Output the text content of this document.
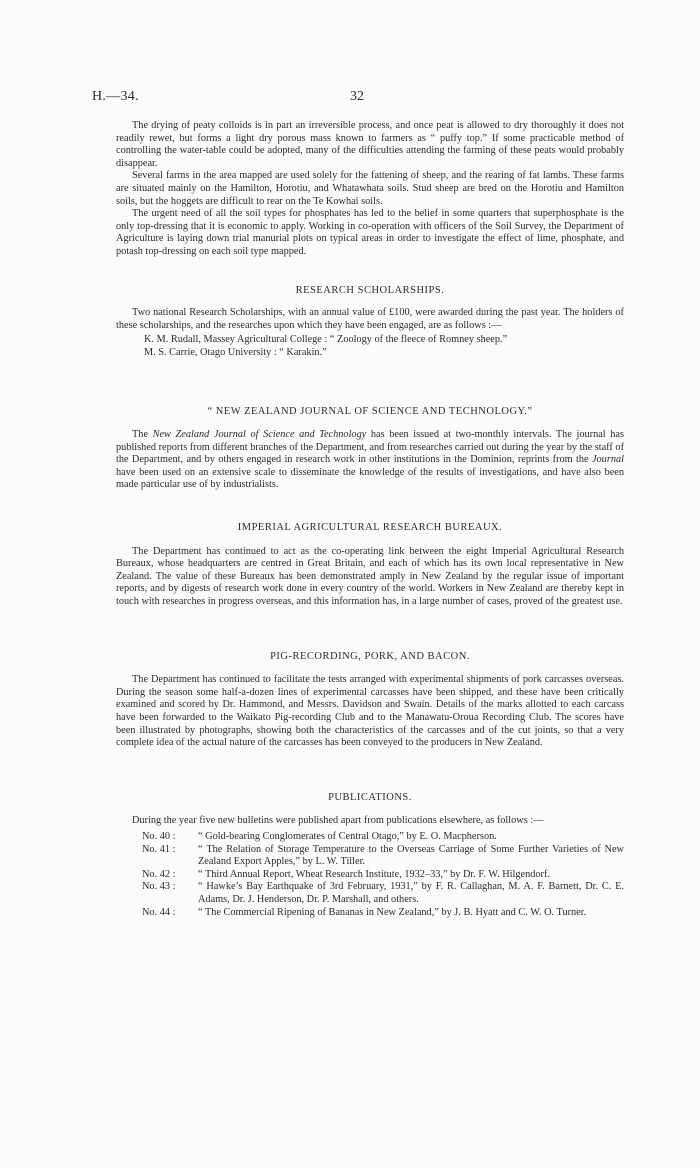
H.—34.	32

The drying of peaty colloids is in part an irreversible process, and once peat is allowed to dry thoroughly it does not readily rewet, but forms a light dry porous mass known to farmers as “ puffy top.” If some practicable method of controlling the water-table could be adopted, many of the difficulties attending the farming of these peats would probably disappear.

Several farms in the area mapped are used solely for the fattening of sheep, and the rearing of fat lambs. These farms are situated mainly on the Hamilton, Horotiu, and Whatawhata soils. Stud sheep are bred on the Horotiu and Hamilton soils, but the hoggets are difficult to rear on the Te Kowhai soils.

The urgent need of all the soil types for phosphates has led to the belief in some quarters that superphosphate is the only top-dressing that it is economic to apply. Working in co-operation with officers of the Soil Survey, the Department of Agriculture is laying down trial manurial plots on typical areas in order to investigate the effect of lime, phosphate, and potash top-dressing on each soil type mapped.

RESEARCH SCHOLARSHIPS.

Two national Research Scholarships, with an annual value of £100, were awarded during the past year. The holders of these scholarships, and the researches upon which they have been engaged, are as follows :—

K. M. Rudall, Massey Agricultural College : “ Zoology of the fleece of Romney sheep.”
M. S. Carrie, Otago University : “ Karakin.”
“ NEW ZEALAND JOURNAL OF SCIENCE AND TECHNOLOGY.”

The New Zealand Journal of Science and Technology has been issued at two-monthly intervals. The journal has published reports from different branches of the Department, and from researches carried out during the year by the staff of the Department, and by others engaged in research work in other institutions in the Dominion, reprints from the Journal have been used on an extensive scale to disseminate the knowledge of the results of investigations, and have also been made particular use of by industrialists.

IMPERIAL AGRICULTURAL RESEARCH BUREAUX.

The Department has continued to act as the co-operating link between the eight Imperial Agricultural Research Bureaux, whose headquarters are centred in Great Britain, and each of which has its own local representative in New Zealand. The value of these Bureaux has been demonstrated amply in New Zealand by the regular issue of important reports, and by digests of research work done in every country of the world. Workers in New Zealand are thereby kept in touch with researches in progress overseas, and this information has, in a large number of cases, proved of the greatest use.

PIG-RECORDING, PORK, AND BACON.

The Department has continued to facilitate the tests arranged with experimental shipments of pork carcasses overseas. During the season some half-a-dozen lines of experimental carcasses have been shipped, and these have been critically examined and scored by Dr. Hammond, and Messrs. Davidson and Swain. Details of the marks allotted to each carcass have been forwarded to the Waikato Pig-recording Club and to the Manawatu-Oroua Recording Club. The scores have been illustrated by photographs, showing both the characteristics of the carcasses and of the cut joints, so that a very complete idea of the actual nature of the carcasses has been conveyed to the producers in New Zealand.

PUBLICATIONS.

During the year five new bulletins were published apart from publications elsewhere, as follows :—

No. 40 :	“ Gold-bearing Conglomerates of Central Otago,” by E. O. Macpherson.
No. 41 :	“ The Relation of Storage Temperature to the Overseas Carriage of Some Further Varieties of New Zealand Export Apples,” by L. W. Tiller.
No. 42 :	“ Third Annual Report, Wheat Research Institute, 1932–33,” by Dr. F. W. Hilgendorf.
No. 43 :	“ Hawke’s Bay Earthquake of 3rd February, 1931,” by F. R. Callaghan, M. A. F. Barnett, Dr. C. E. Adams, Dr. J. Henderson, Dr. P. Marshall, and others.
No. 44 :	“ The Commercial Ripening of Bananas in New Zealand,” by J. B. Hyatt and C. W. O. Turner.
